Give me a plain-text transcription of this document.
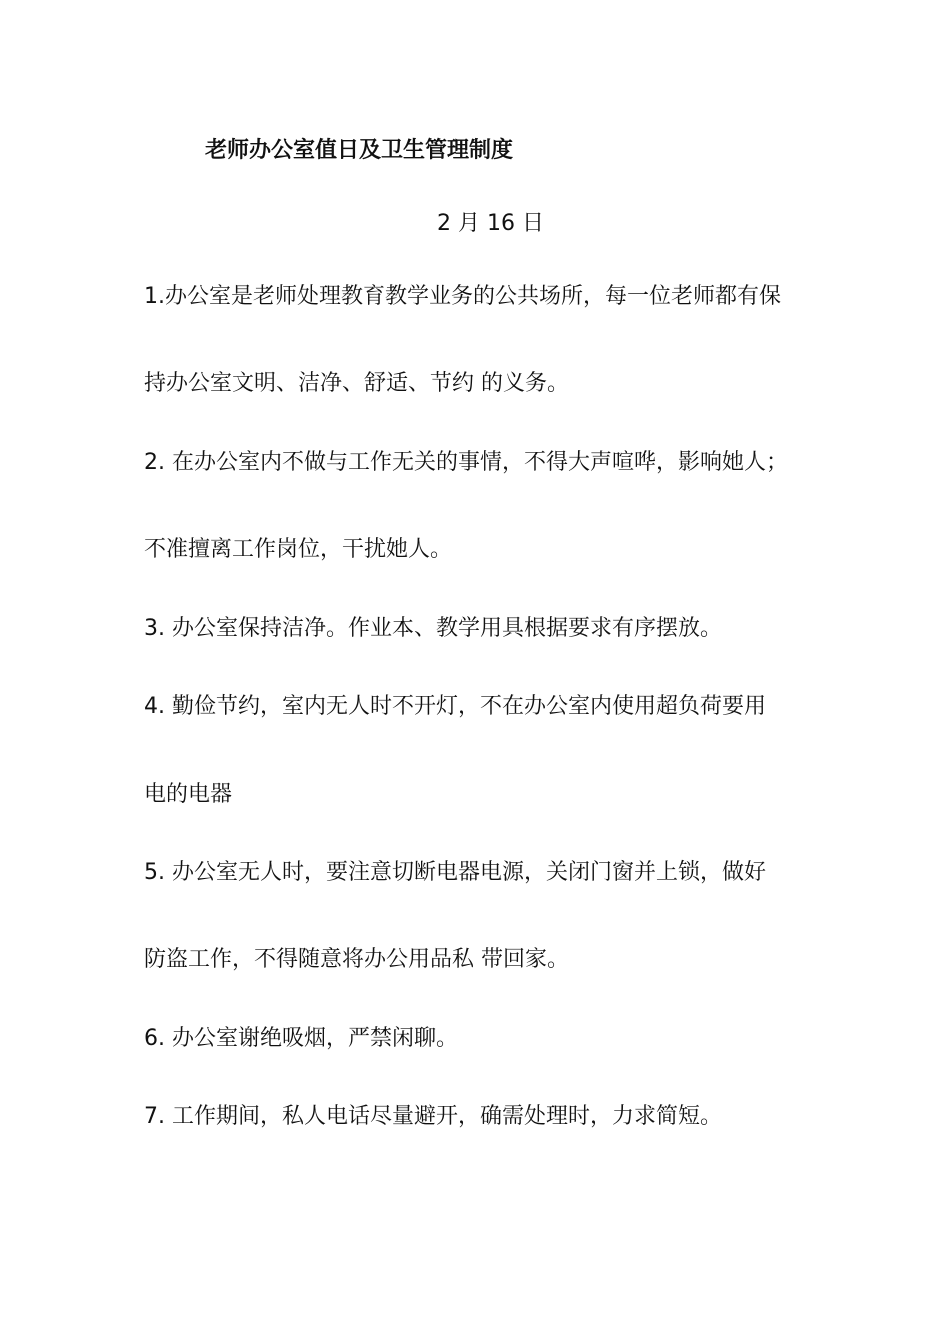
老师办公室值日及卫生管理制度
2 月 16 日
1.办公室是老师处理教育教学业务的公共场所，每一位老师都有保
持办公室文明、洁净、舒适、节约 的义务。
2. 在办公室内不做与工作无关的事情，不得大声喧哗，影响她人；
不准擅离工作岗位，干扰她人。
3. 办公室保持洁净。作业本、教学用具根据要求有序摆放。
4. 勤俭节约，室内无人时不开灯，不在办公室内使用超负荷要用
电的电器
5. 办公室无人时，要注意切断电器电源，关闭门窗并上锁，做好
防盗工作，不得随意将办公用品私 带回家。
6. 办公室谢绝吸烟，严禁闲聊。
7. 工作期间，私人电话尽量避开，确需处理时，力求简短。
